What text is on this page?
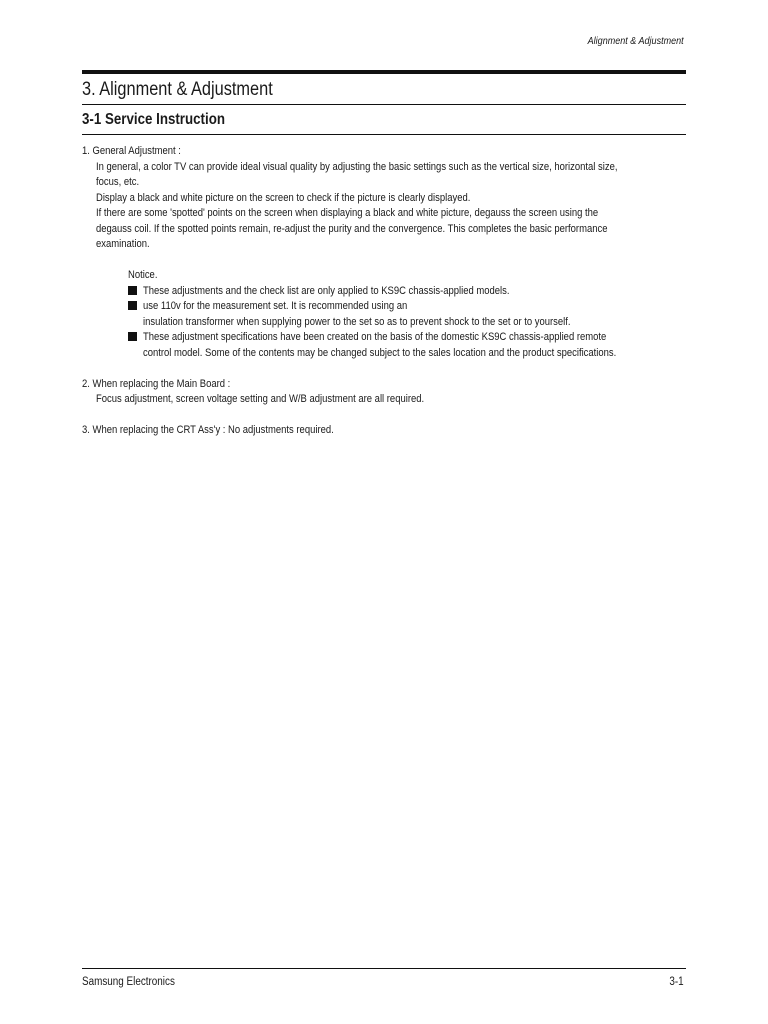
Alignment & Adjustment
3. Alignment & Adjustment
3-1 Service Instruction
1. General Adjustment :
In general, a color TV can provide ideal visual quality by adjusting the basic settings such as the vertical size, horizontal size,
focus, etc.
Display a black and white picture on the screen to check if the picture is clearly displayed.
If there are some 'spotted' points on the screen when displaying a black and white picture, degauss the screen using the
degauss coil. If the spotted points remain, re-adjust the purity and the convergence. This completes the basic performance
examination.
Notice.
These adjustments and the check list are only applied to KS9C chassis-applied models.
use 110v for the measurement set. It is recommended using an
insulation transformer when supplying power to the set so as to prevent shock to the set or to yourself.
These adjustment specifications have been created on the basis of the domestic KS9C chassis-applied remote
control model. Some of the contents may be changed subject to the sales location and the product specifications.
2. When replacing the Main Board :
Focus adjustment, screen voltage setting and W/B adjustment are all required.
3. When replacing the CRT Ass'y : No adjustments required.
Samsung Electronics	3-1
